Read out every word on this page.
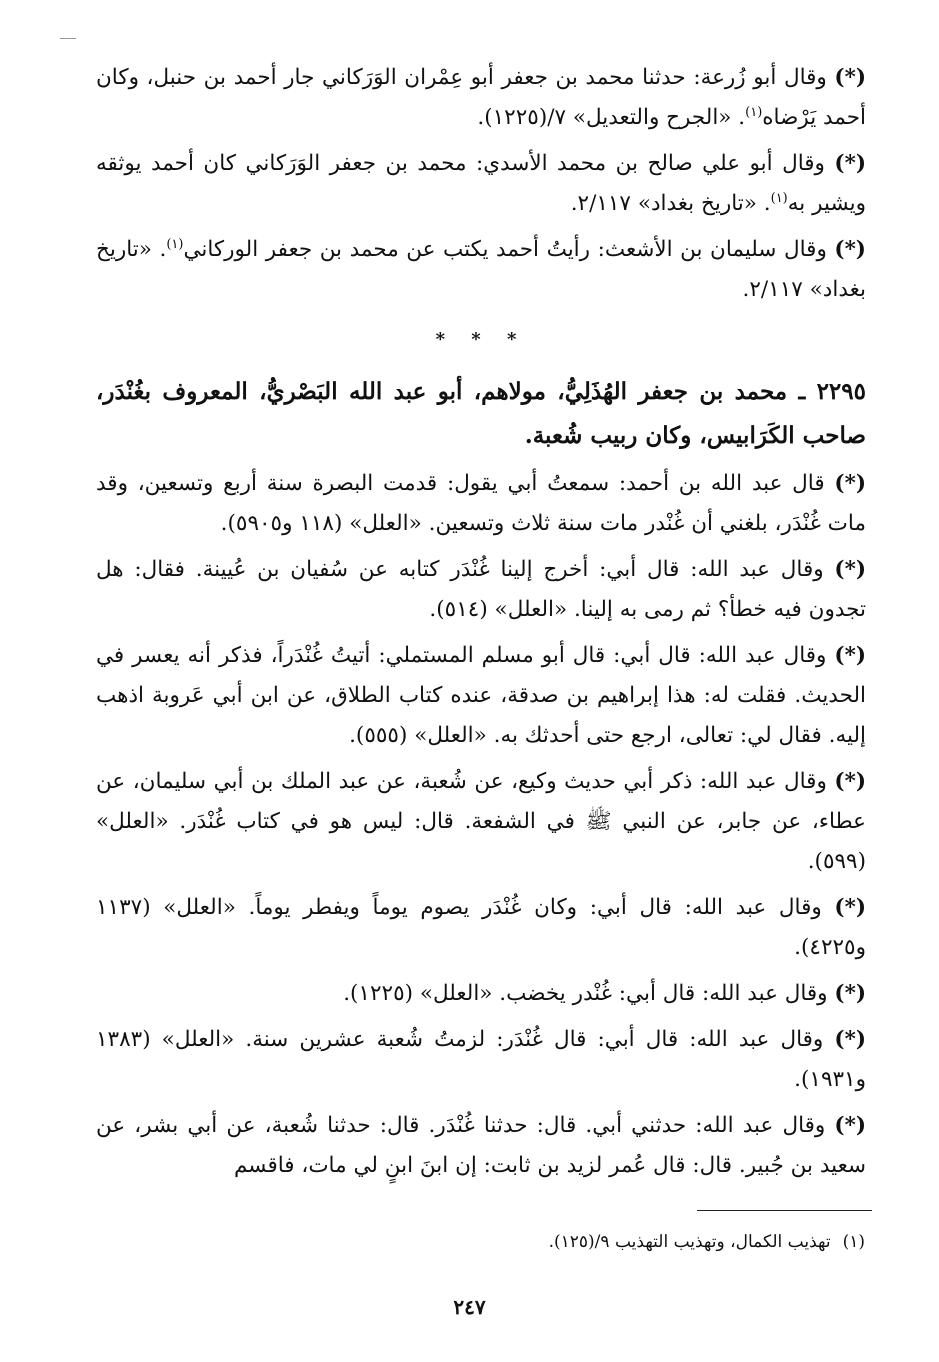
(*) وقال أبو زُرعة: حدثنا محمد بن جعفر أبو عِمْران الوَرَكاني جار أحمد بن حنبل، وكان أحمد يَرْضاه$^{(١)}$. «الجرح والتعديل» ٧/(١٢٢٥).

(*) وقال أبو علي صالح بن محمد الأسدي: محمد بن جعفر الوَرَكاني كان أحمد يوثقه ويشير به$^{(١)}$. «تاريخ بغداد» ٢/١١٧.

(*) وقال سليمان بن الأشعث: رأيتُ أحمد يكتب عن محمد بن جعفر الوركاني$^{(١)}$. «تاريخ بغداد» ٢/١١٧.

* * *
٢٢٩٥ ـ محمد بن جعفر الهُذَلِيُّ، مولاهم، أبو عبد الله البَصْريُّ، المعروف بغُنْدَر، صاحب الكَرَابيس، وكان ربيب شُعبة.

(*) قال عبد الله بن أحمد: سمعتُ أبي يقول: قدمت البصرة سنة أربع وتسعين، وقد مات غُنْدَر، بلغني أن غُنْدر مات سنة ثلاث وتسعين. «العلل» (١١٨ و٥٩٠٥).

(*) وقال عبد الله: قال أبي: أخرج إلينا غُنْدَر كتابه عن سُفيان بن عُيينة. فقال: هل تجدون فيه خطأ؟ ثم رمى به إلينا. «العلل» (٥١٤).

(*) وقال عبد الله: قال أبي: قال أبو مسلم المستملي: أتيتُ غُنْدَراً، فذكر أنه يعسر في الحديث. فقلت له: هذا إبراهيم بن صدقة، عنده كتاب الطلاق، عن ابن أبي عَروبة اذهب إليه. فقال لي: تعالى، ارجع حتى أحدثك به. «العلل» (٥٥٥).

(*) وقال عبد الله: ذكر أبي حديث وكيع، عن شُعبة، عن عبد الملك بن أبي سليمان، عن عطاء، عن جابر، عن النبي ﷺ في الشفعة. قال: ليس هو في كتاب غُنْدَر. «العلل» (٥٩٩).

(*) وقال عبد الله: قال أبي: وكان غُنْدَر يصوم يوماً ويفطر يوماً. «العلل» (١١٣٧ و٤٢٢٥).

(*) وقال عبد الله: قال أبي: غُنْدر يخضب. «العلل» (١٢٢٥).

(*) وقال عبد الله: قال أبي: قال غُنْدَر: لزمتُ شُعبة عشرين سنة. «العلل» (١٣٨٣ و١٩٣١).

(*) وقال عبد الله: حدثني أبي. قال: حدثنا غُنْدَر. قال: حدثنا شُعبة، عن أبي بشر، عن سعيد بن جُبير. قال: قال عُمر لزيد بن ثابت: إن ابنَ ابنٍ لي مات، فاقسم

(١)تهذيب الكمال، وتهذيب التهذيب ٩/(١٢٥).
٢٤٧
